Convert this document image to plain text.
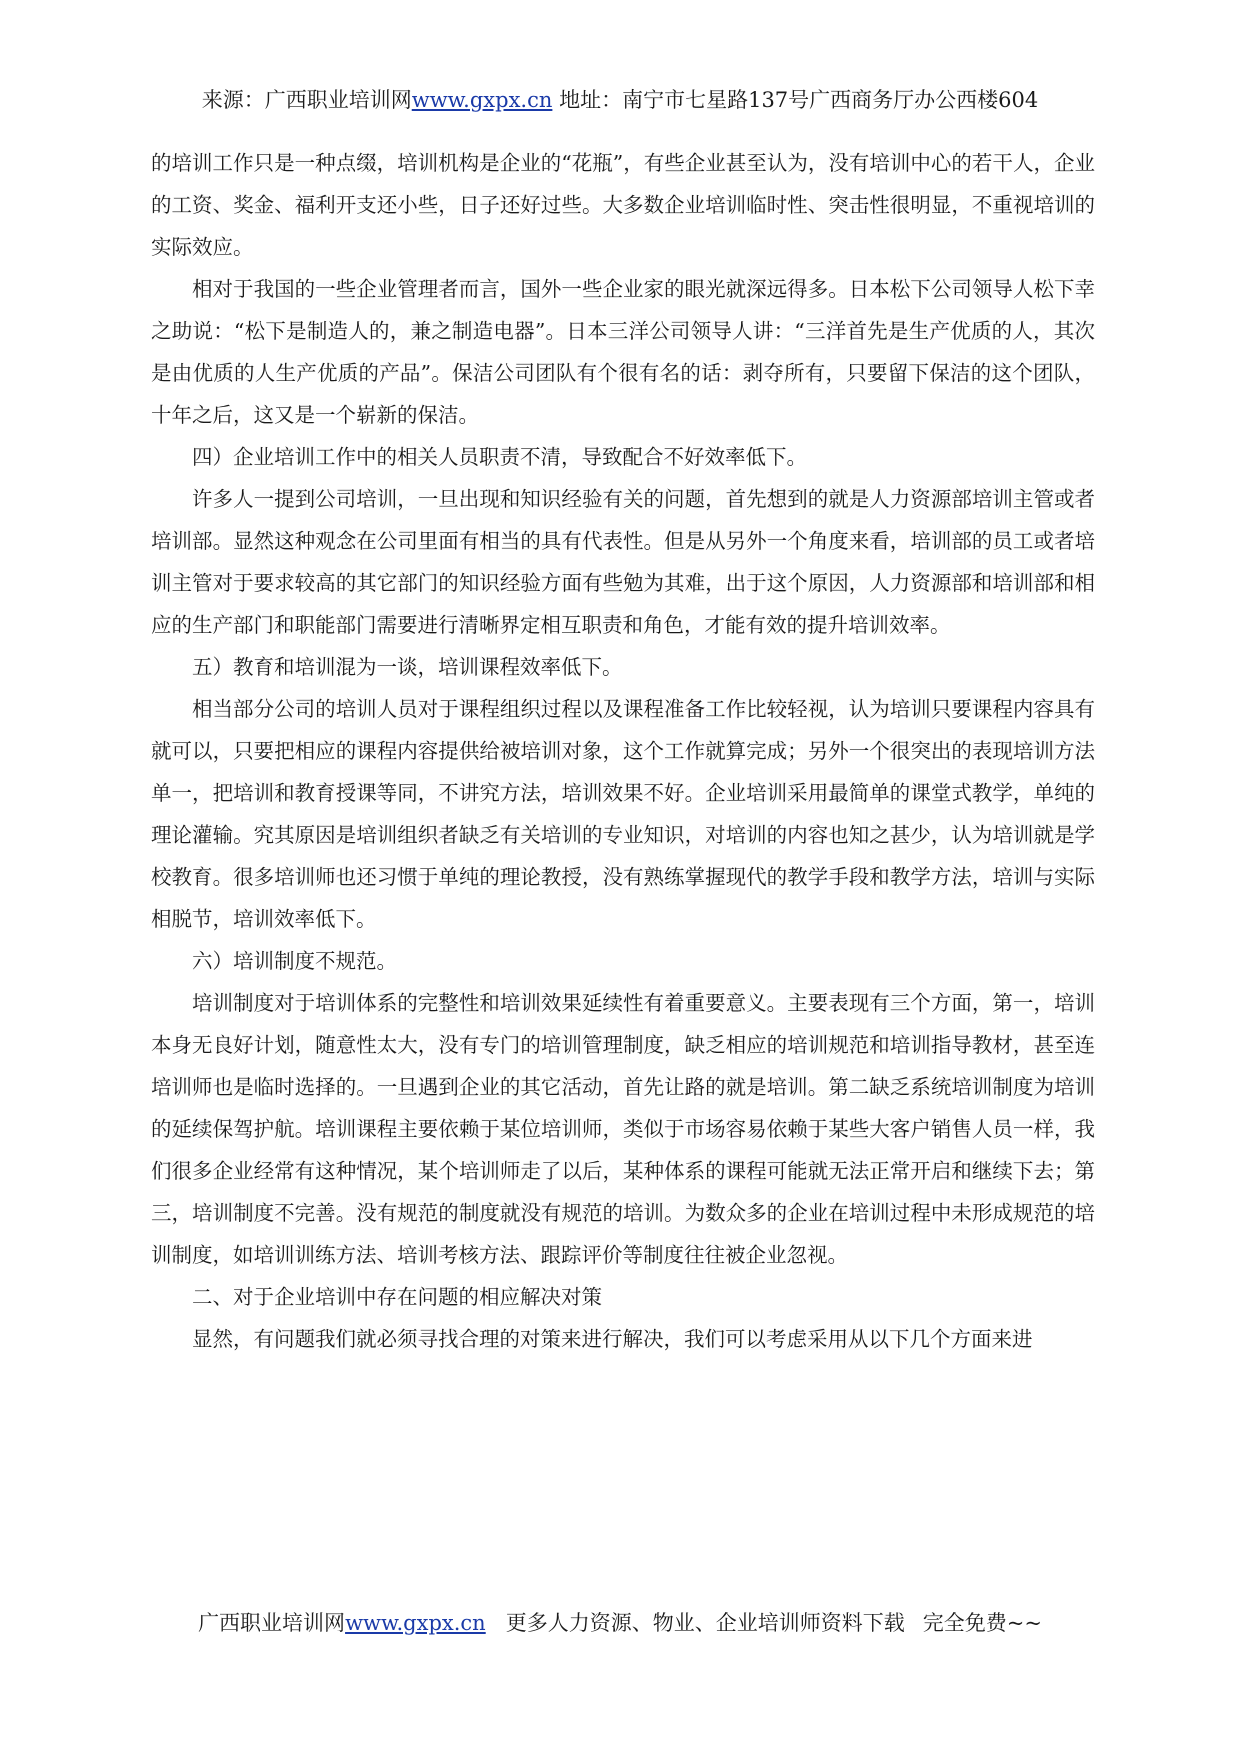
来源：广西职业培训网www.gxpx.cn 地址：南宁市七星路137号广西商务厅办公西楼604

的培训工作只是一种点缀，培训机构是企业的“花瓶”，有些企业甚至认为，没有培训中心的若干人，企业的工资、奖金、福利开支还小些，日子还好过些。大多数企业培训临时性、突击性很明显，不重视培训的实际效应。

相对于我国的一些企业管理者而言，国外一些企业家的眼光就深远得多。日本松下公司领导人松下幸之助说：“松下是制造人的，兼之制造电器”。日本三洋公司领导人讲：“三洋首先是生产优质的人，其次是由优质的人生产优质的产品”。保洁公司团队有个很有名的话：剥夺所有，只要留下保洁的这个团队，十年之后，这又是一个崭新的保洁。

四）企业培训工作中的相关人员职责不清，导致配合不好效率低下。

许多人一提到公司培训，一旦出现和知识经验有关的问题，首先想到的就是人力资源部培训主管或者培训部。显然这种观念在公司里面有相当的具有代表性。但是从另外一个角度来看，培训部的员工或者培训主管对于要求较高的其它部门的知识经验方面有些勉为其难，出于这个原因，人力资源部和培训部和相应的生产部门和职能部门需要进行清晰界定相互职责和角色，才能有效的提升培训效率。

五）教育和培训混为一谈，培训课程效率低下。

相当部分公司的培训人员对于课程组织过程以及课程准备工作比较轻视，认为培训只要课程内容具有就可以，只要把相应的课程内容提供给被培训对象，这个工作就算完成；另外一个很突出的表现培训方法单一，把培训和教育授课等同，不讲究方法，培训效果不好。企业培训采用最简单的课堂式教学，单纯的理论灌输。究其原因是培训组织者缺乏有关培训的专业知识，对培训的内容也知之甚少，认为培训就是学校教育。很多培训师也还习惯于单纯的理论教授，没有熟练掌握现代的教学手段和教学方法，培训与实际相脱节，培训效率低下。

六）培训制度不规范。

培训制度对于培训体系的完整性和培训效果延续性有着重要意义。主要表现有三个方面，第一，培训本身无良好计划，随意性太大，没有专门的培训管理制度，缺乏相应的培训规范和培训指导教材，甚至连培训师也是临时选择的。一旦遇到企业的其它活动，首先让路的就是培训。第二缺乏系统培训制度为培训的延续保驾护航。培训课程主要依赖于某位培训师，类似于市场容易依赖于某些大客户销售人员一样，我们很多企业经常有这种情况，某个培训师走了以后，某种体系的课程可能就无法正常开启和继续下去；第三，培训制度不完善。没有规范的制度就没有规范的培训。为数众多的企业在培训过程中未形成规范的培训制度，如培训训练方法、培训考核方法、跟踪评价等制度往往被企业忽视。

二、对于企业培训中存在问题的相应解决对策

显然，有问题我们就必须寻找合理的对策来进行解决，我们可以考虑采用从以下几个方面来进

广西职业培训网www.gxpx.cn 更多人力资源、物业、企业培训师资料下载 完全免费~~
